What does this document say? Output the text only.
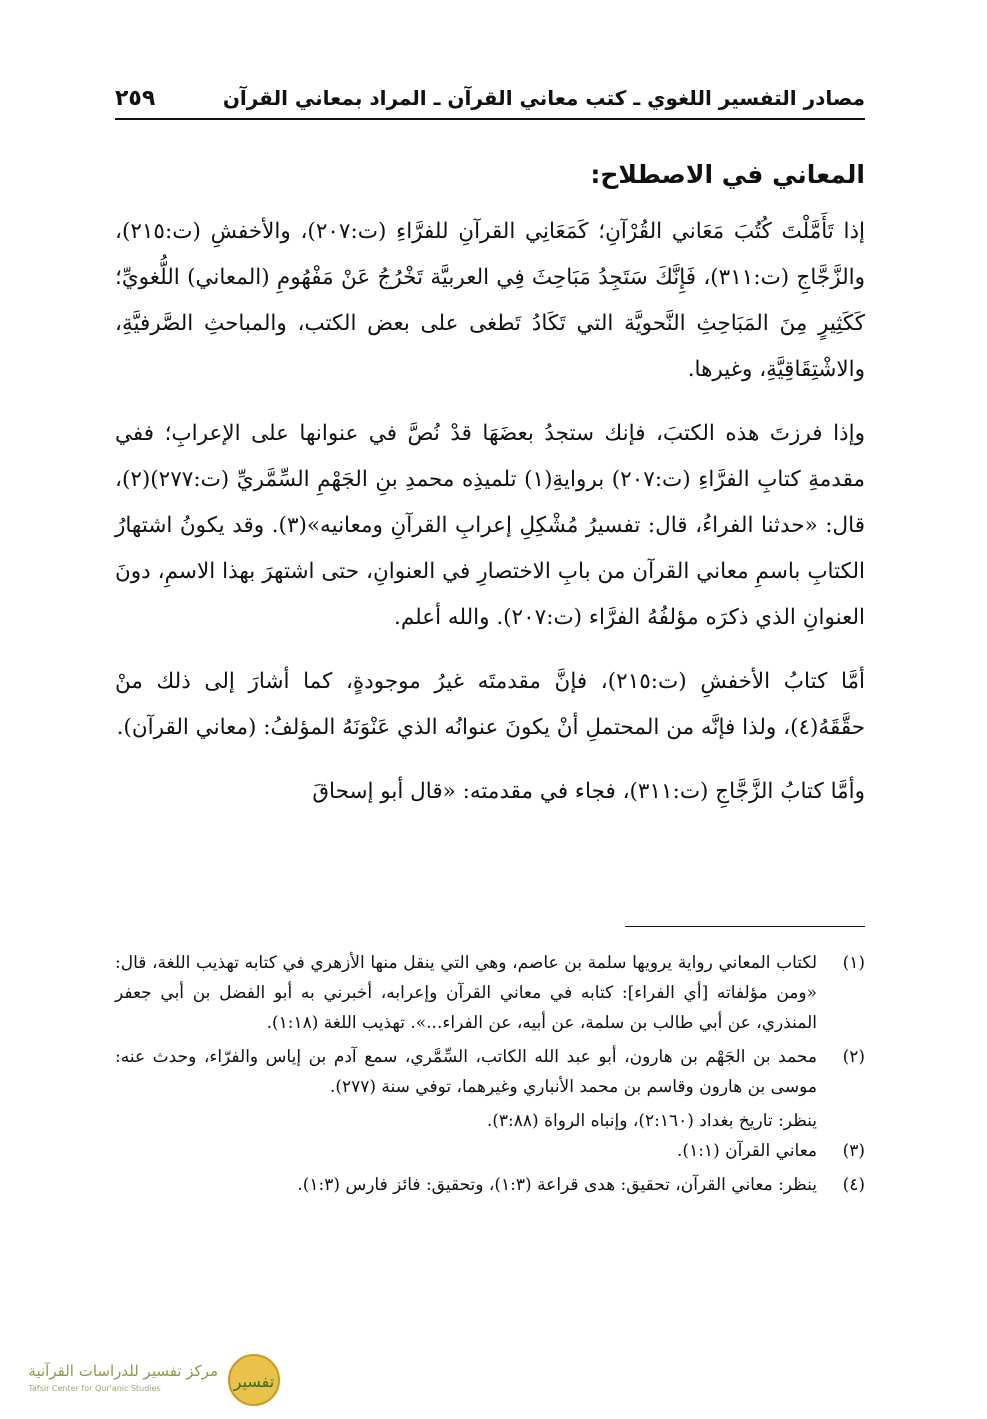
مصادر التفسير اللغوي ـ كتب معاني القرآن ـ المراد بمعاني القرآن
٢٥٩
المعاني في الاصطلاح:

إذا تَأَمَّلْتَ كُتُبَ مَعَاني القُرْآنِ؛ كَمَعَانِي القرآنِ للفرَّاءِ (ت:٢٠٧)، والأخفشِ (ت:٢١٥)، والزَّجَّاجِ (ت:٣١١)، فَإِنَّكَ سَتَجِدُ مَبَاحِثَ فِي العربيَّة تَخْرُجُ عَنْ مَفْهُومِ (المعاني) اللُّغويِّ؛ كَكَثِيرٍ مِنَ المَبَاحِثِ النَّحويَّة التي تَكَادُ تَطغى على بعض الكتب، والمباحثِ الصَّرفيَّةِ، والاشْتِقَاقِيَّةِ، وغيرها.

وإذا فرزتَ هذه الكتبَ، فإنك ستجدُ بعضَهَا قدْ نُصَّ في عنوانها على الإعرابِ؛ ففي مقدمةِ كتابِ الفرَّاءِ (ت:٢٠٧) بروايةِ(١) تلميذِه محمدِ بنِ الجَهْمِ السِّمَّريِّ (ت:٢٧٧)(٢)، قال: «حدثنا الفراءُ، قال: تفسيرُ مُشْكِلِ إعرابِ القرآنِ ومعانيه»(٣). وقد يكونُ اشتهارُ الكتابِ باسمِ معاني القرآن من بابِ الاختصارِ في العنوانِ، حتى اشتهرَ بهذا الاسمِ، دونَ العنوانِ الذي ذكرَه مؤلفُهُ الفرَّاء (ت:٢٠٧). والله أعلم.

أمَّا كتابُ الأخفشِ (ت:٢١٥)، فإنَّ مقدمتَه غيرُ موجودةٍ، كما أشارَ إلى ذلك منْ حقَّقَهُ(٤)، ولذا فإنَّه من المحتملِ أنْ يكونَ عنوانُه الذي عَنْوَنَهُ المؤلفُ: (معاني القرآن).

وأمَّا كتابُ الزَّجَّاجِ (ت:٣١١)، فجاء في مقدمته: «قال أبو إسحاقَ

(١)
لكتاب المعاني رواية يرويها سلمة بن عاصم، وهي التي ينقل منها الأزهري في كتابه تهذيب اللغة، قال: «ومن مؤلفاته [أي الفراء]: كتابه في معاني القرآن وإعرابه، أخبرني به أبو الفضل بن أبي جعفر المنذري، عن أبي طالب بن سلمة، عن أبيه، عن الفراء...». تهذيب اللغة (١:١٨).
(٢)
محمد بن الجَهْم بن هارون، أبو عبد الله الكاتب، السِّمَّري، سمع آدم بن إياس والفرّاء، وحدث عنه: موسى بن هارون وقاسم بن محمد الأنباري وغيرهما، توفي سنة (٢٧٧).
ينظر: تاريخ بغداد (٢:١٦٠)، وإنباه الرواة (٣:٨٨).
(٣)
معاني القرآن (١:١).
(٤)
ينظر: معاني القرآن، تحقيق: هدى قراعة (١:٣)، وتحقيق: فائز فارس (١:٣).
تفسير
مركز تفسير للدراسات القرآنية
Tafsir Center for Qur'anic Studies
